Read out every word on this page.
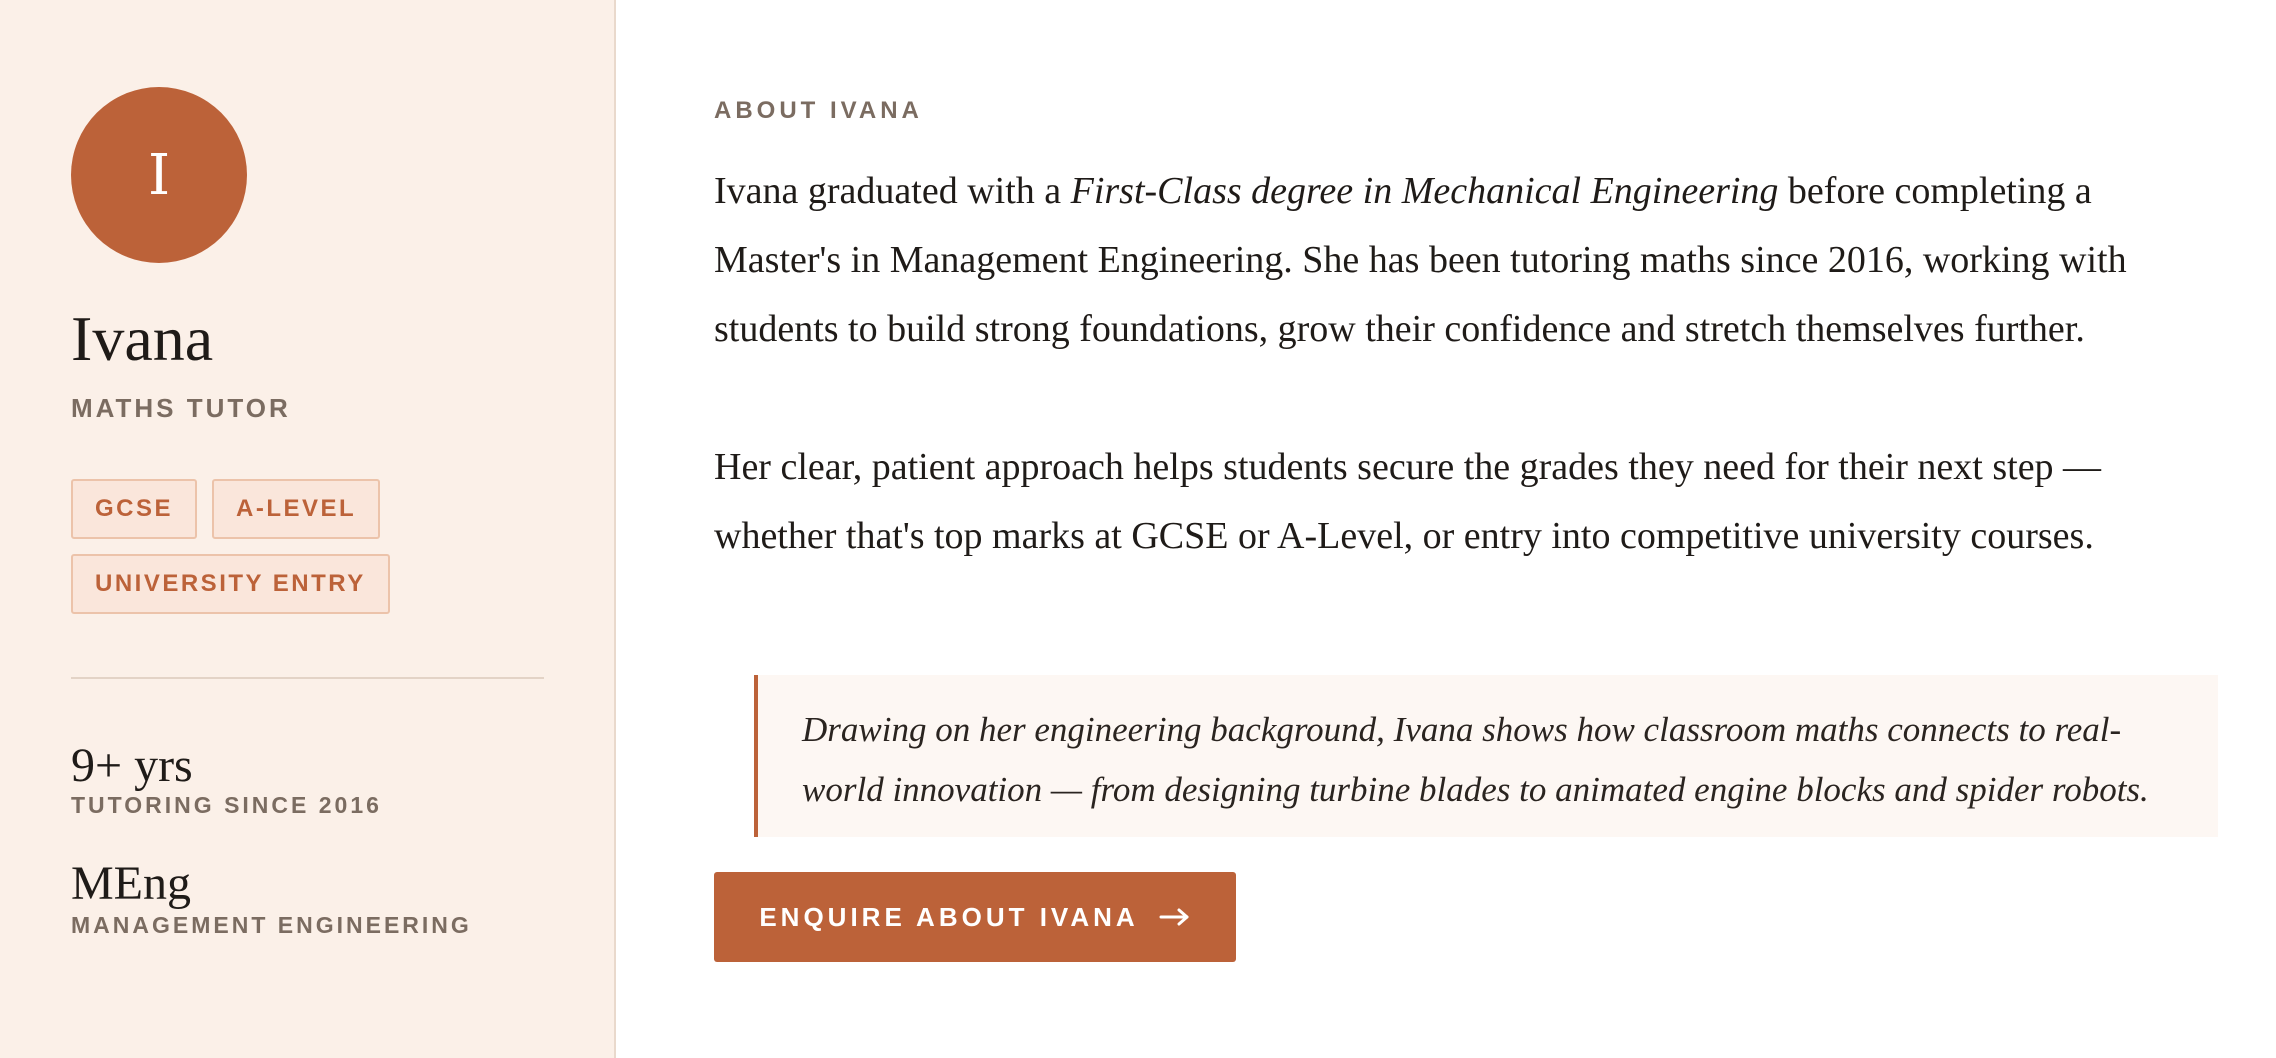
I
Ivana
MATHS TUTOR
GCSE	A-LEVEL
UNIVERSITY ENTRY
9+ yrs
TUTORING SINCE 2016
MEng
MANAGEMENT ENGINEERING
ABOUT IVANA

Ivana graduated with a First-Class degree in Mechanical Engineering before completing a Master's in Management Engineering. She has been tutoring maths since 2016, working with students to build strong foundations, grow their confidence and stretch themselves further.

Her clear, patient approach helps students secure the grades they need for their next step — whether that's top marks at GCSE or A-Level, or entry into competitive university courses.

Drawing on her engineering background, Ivana shows how classroom maths connects to real-world innovation — from designing turbine blades to animated engine blocks and spider robots.
ENQUIRE ABOUT IVANA
